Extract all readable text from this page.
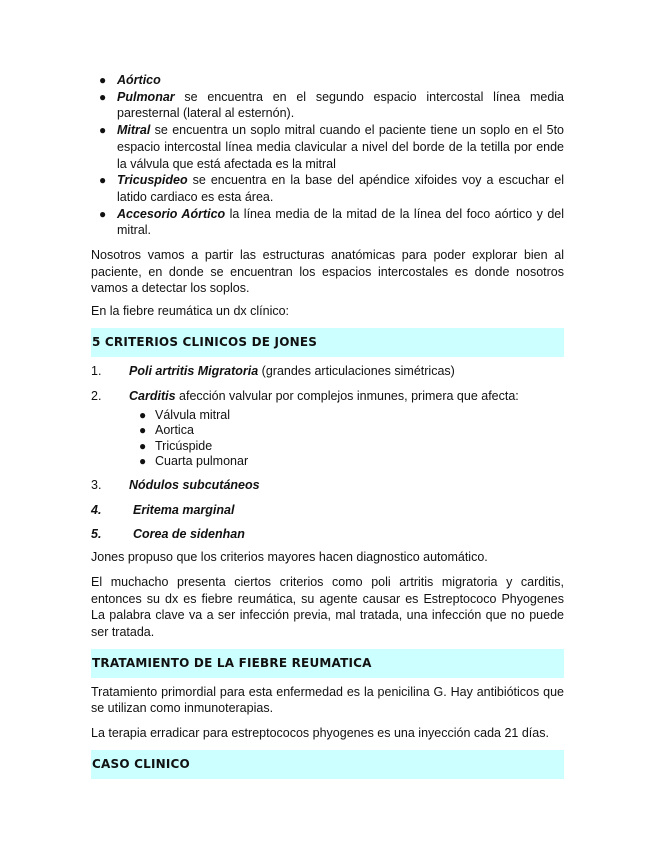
● Aórtico
● Pulmonar se encuentra en el segundo espacio intercostal línea media paresternal (lateral al esternón).
● Mitral se encuentra un soplo mitral cuando el paciente tiene un soplo en el 5to espacio intercostal línea media clavicular a nivel del borde de la tetilla por ende la válvula que está afectada es la mitral
● Tricuspideo se encuentra en la base del apéndice xifoides voy a escuchar el latido cardiaco es esta área.
● Accesorio Aórtico la línea media de la mitad de la línea del foco aórtico y del mitral.

Nosotros vamos a partir las estructuras anatómicas para poder explorar bien al paciente, en donde se encuentran los espacios intercostales es donde nosotros vamos a detectar los soplos.

En la fiebre reumática un dx clínico:

5 CRITERIOS CLINICOS DE JONES
1. Poli artritis Migratoria (grandes articulaciones simétricas)
2. Carditis afección valvular por complejos inmunes, primera que afecta:
● Válvula mitral
● Aortica
● Tricúspide
● Cuarta pulmonar
3. Nódulos subcutáneos
4.	Eritema marginal
5.	Corea de sidenhan

Jones propuso que los criterios mayores hacen diagnostico automático.

El muchacho presenta ciertos criterios como poli artritis migratoria y carditis, entonces su dx es fiebre reumática, su agente causar es Estreptococo Phyogenes La palabra clave va a ser infección previa, mal tratada, una infección que no puede ser tratada.

TRATAMIENTO DE LA FIEBRE REUMATICA

Tratamiento primordial para esta enfermedad es la penicilina G. Hay antibióticos que se utilizan como inmunoterapias.

La terapia erradicar para estreptococos phyogenes es una inyección cada 21 días.

CASO CLINICO
